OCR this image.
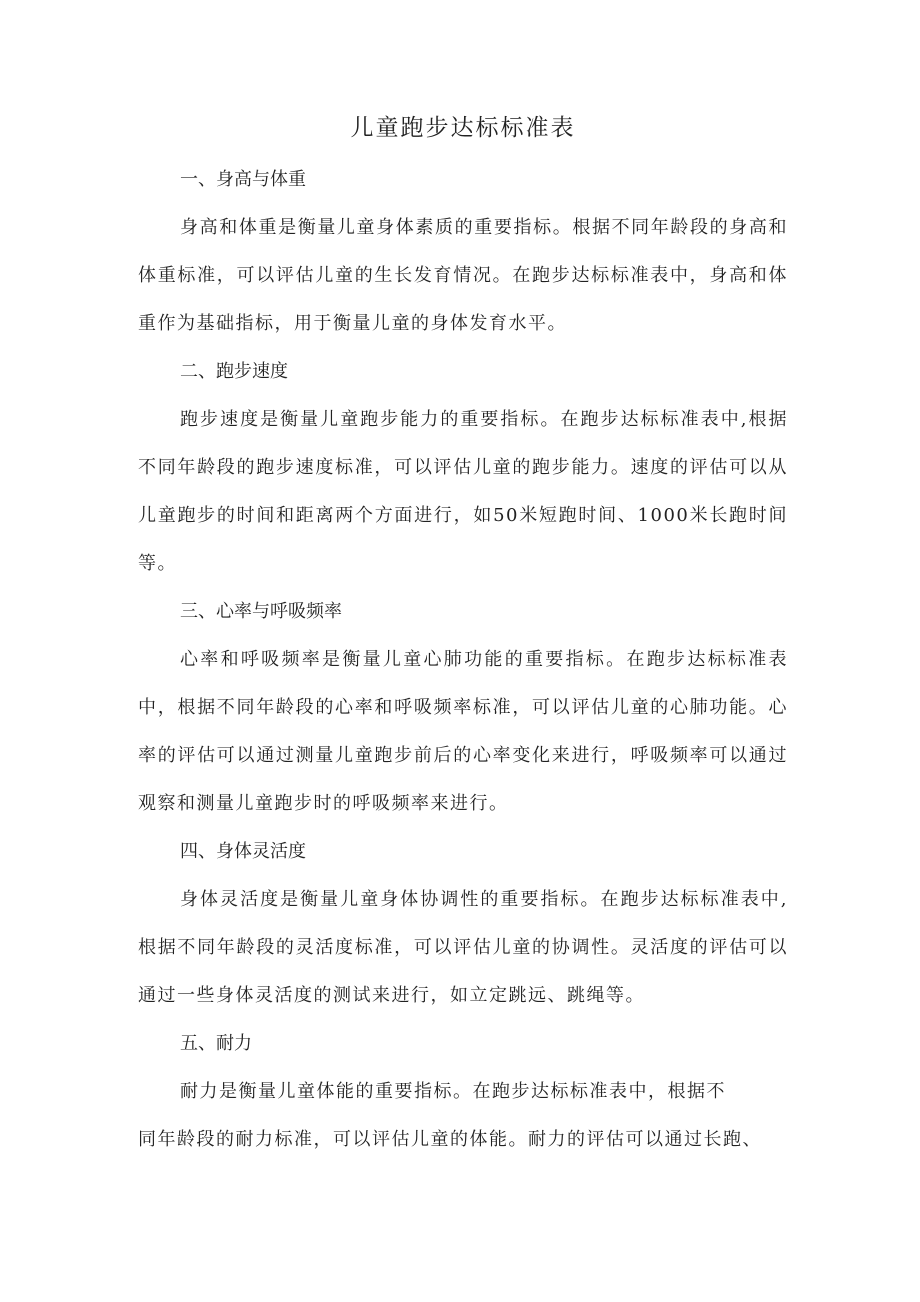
儿童跑步达标标准表
一、身高与体重

身高和体重是衡量儿童身体素质的重要指标。根据不同年龄段的身高和体重标准，可以评估儿童的生长发育情况。在跑步达标标准表中，身高和体重作为基础指标，用于衡量儿童的身体发育水平。

二、跑步速度

跑步速度是衡量儿童跑步能力的重要指标。在跑步达标标准表中,根据不同年龄段的跑步速度标准，可以评估儿童的跑步能力。速度的评估可以从儿童跑步的时间和距离两个方面进行，如50米短跑时间、1000米长跑时间等。

三、心率与呼吸频率

心率和呼吸频率是衡量儿童心肺功能的重要指标。在跑步达标标准表中，根据不同年龄段的心率和呼吸频率标准，可以评估儿童的心肺功能。心率的评估可以通过测量儿童跑步前后的心率变化来进行，呼吸频率可以通过观察和测量儿童跑步时的呼吸频率来进行。

四、身体灵活度

身体灵活度是衡量儿童身体协调性的重要指标。在跑步达标标准表中,根据不同年龄段的灵活度标准，可以评估儿童的协调性。灵活度的评估可以通过一些身体灵活度的测试来进行，如立定跳远、跳绳等。

五、耐力

耐力是衡量儿童体能的重要指标。在跑步达标标准表中，根据不
同年龄段的耐力标准，可以评估儿童的体能。耐力的评估可以通过长跑、
